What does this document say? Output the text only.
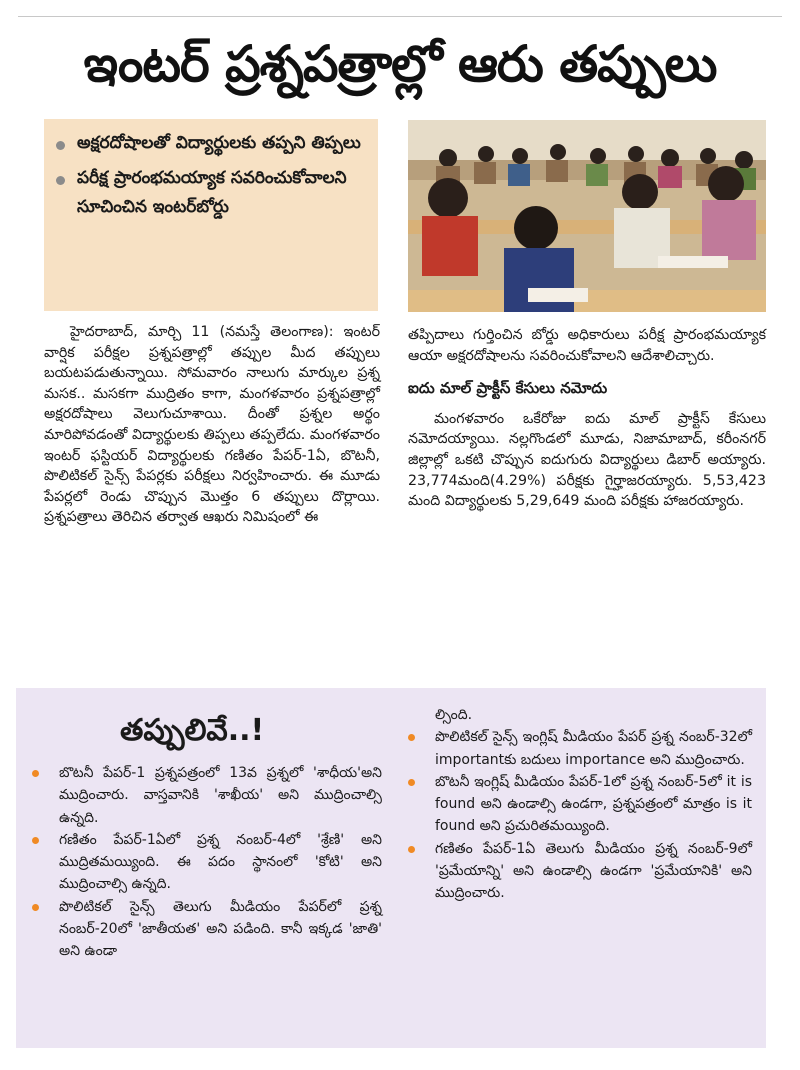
ఇంటర్ ప్రశ్నపత్రాల్లో ఆరు తప్పులు
అక్షరదోషాలతో విద్యార్థులకు తప్పని తిప్పలు
పరీక్ష ప్రారంభమయ్యాక సవరించుకోవాలని సూచించిన ఇంటర్‌బోర్డు

హైదరాబాద్, మార్చి 11 (నమస్తే తెలంగాణ): ఇంటర్ వార్షిక పరీక్షల ప్రశ్నపత్రాల్లో తప్పుల మీద తప్పులు బయటపడుతున్నాయి. సోమవారం నాలుగు మార్కుల ప్రశ్న మసక.. మసకగా ముద్రితం కాగా, మంగళవారం ప్రశ్నపత్రాల్లో అక్షరదోషాలు వెలుగుచూశాయి. దీంతో ప్రశ్నల అర్థం మారిపోవడంతో విద్యార్థులకు తిప్పలు తప్పలేదు. మంగళవారం ఇంటర్ ఫస్టియర్ విద్యార్థులకు గణితం పేపర్-1ఏ, బొటనీ, పొలిటికల్ సైన్స్ పేపర్లకు పరీక్షలు నిర్వహించారు. ఈ మూడు పేపర్లలో రెండు చొప్పున మొత్తం 6 తప్పులు దొర్లాయి. ప్రశ్నపత్రాలు తెరిచిన తర్వాత ఆఖరు నిమిషంలో ఈ

తప్పిదాలు గుర్తించిన బోర్డు అధికారులు పరీక్ష ప్రారంభమయ్యాక ఆయా అక్షరదోషాలను సవరించుకోవాలని ఆదేశాలిచ్చారు.

ఐదు మాల్ ప్రాక్టీస్ కేసులు నమోదు

మంగళవారం ఒకేరోజు ఐదు మాల్ ప్రాక్టీస్ కేసులు నమోదయ్యాయి. నల్లగొండలో మూడు, నిజామాబాద్, కరీంనగర్ జిల్లాల్లో ఒకటి చొప్పున ఐదుగురు విద్యార్థులు డిబార్ అయ్యారు. 23,774మంది(4.29%) పరీక్షకు గైర్హాజరయ్యారు. 5,53,423 మంది విద్యార్థులకు 5,29,649 మంది పరీక్షకు హాజరయ్యారు.

తప్పులివే..!
బొటనీ పేపర్-1 ప్రశ్నపత్రంలో 13వ ప్రశ్నలో 'శాధీయ'అని ముద్రించారు. వాస్తవానికి 'శాఖీయ' అని ముద్రించాల్సి ఉన్నది.
గణితం పేపర్-1ఏలో ప్రశ్న నంబర్-4లో 'శ్రేణి' అని ముద్రితమయ్యింది. ఈ పదం స్థానంలో 'కోటి' అని ముద్రించాల్సి ఉన్నది.
పొలిటికల్ సైన్స్ తెలుగు మీడియం పేపర్‌లో ప్రశ్న నంబర్-20లో 'జాతీయత' అని పడింది. కానీ ఇక్కడ 'జాతి' అని ఉండా
ల్సింది.
పొలిటికల్ సైన్స్ ఇంగ్లిష్ మీడియం పేపర్ ప్రశ్న నంబర్-32లో important‌కు బదులు importance అని ముద్రించారు.
బొటనీ ఇంగ్లిష్ మీడియం పేపర్-1లో ప్రశ్న నంబర్-5లో it is found అని ఉండాల్సి ఉండగా, ప్రశ్నపత్రంలో మాత్రం is it found అని ప్రచురితమయ్యింది.
గణితం పేపర్-1ఏ తెలుగు మీడియం ప్రశ్న నంబర్-9లో 'ప్రమేయాన్ని' అని ఉండాల్సి ఉండగా 'ప్రమేయానికి' అని ముద్రించారు.
